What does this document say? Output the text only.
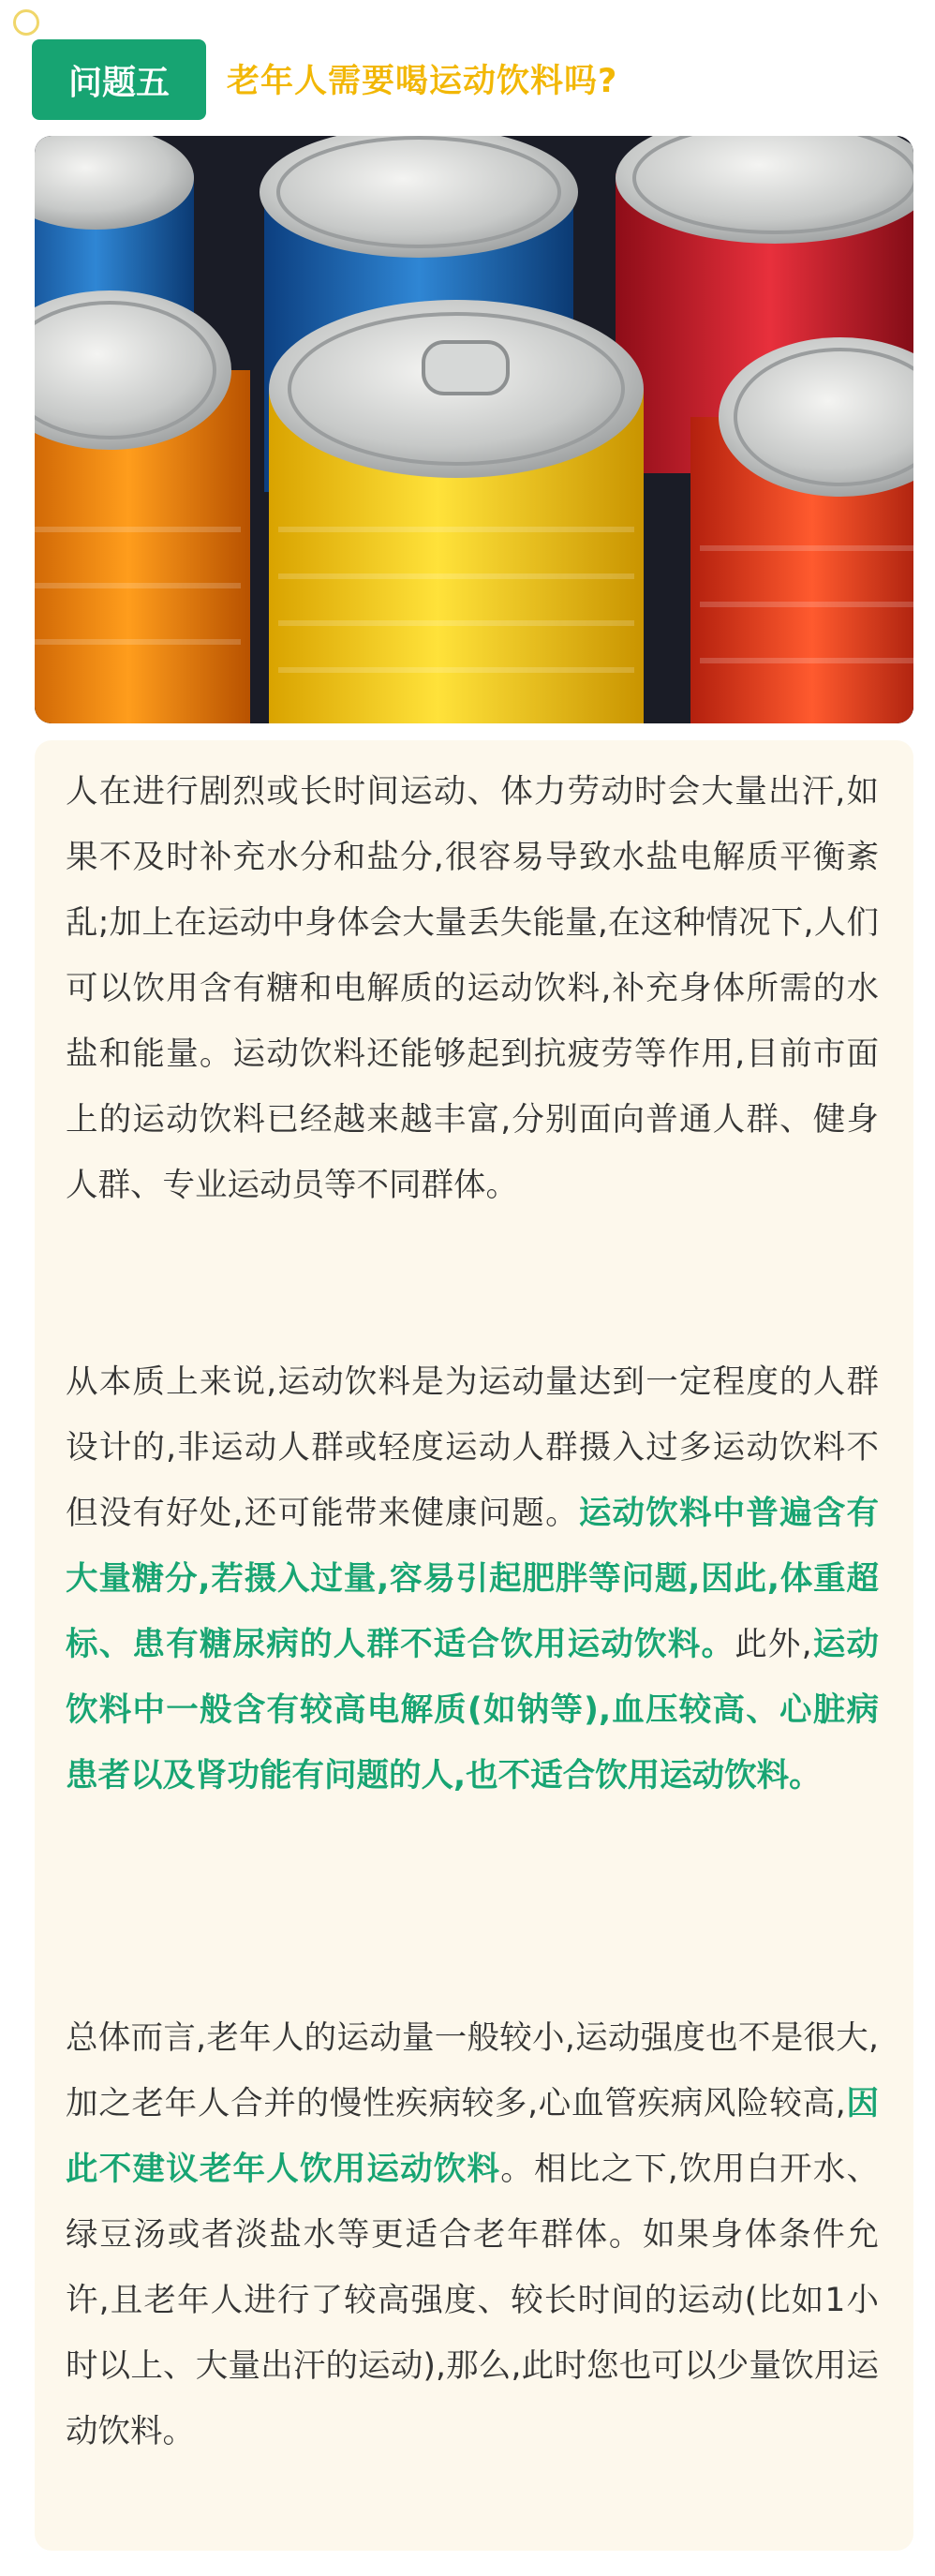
问题五	老年人需要喝运动饮料吗?
人在进行剧烈或长时间运动、体力劳动时会大量出汗,如果不及时补充水分和盐分,很容易导致水盐电解质平衡紊乱;加上在运动中身体会大量丢失能量,在这种情况下,人们可以饮用含有糖和电解质的运动饮料,补充身体所需的水盐和能量。运动饮料还能够起到抗疲劳等作用,目前市面上的运动饮料已经越来越丰富,分别面向普通人群、健身人群、专业运动员等不同群体。
从本质上来说,运动饮料是为运动量达到一定程度的人群设计的,非运动人群或轻度运动人群摄入过多运动饮料不但没有好处,还可能带来健康问题。运动饮料中普遍含有大量糖分,若摄入过量,容易引起肥胖等问题,因此,体重超标、患有糖尿病的人群不适合饮用运动饮料。此外,运动饮料中一般含有较高电解质(如钠等),血压较高、心脏病患者以及肾功能有问题的人,也不适合饮用运动饮料。
总体而言,老年人的运动量一般较小,运动强度也不是很大,加之老年人合并的慢性疾病较多,心血管疾病风险较高,因此不建议老年人饮用运动饮料。相比之下,饮用白开水、绿豆汤或者淡盐水等更适合老年群体。如果身体条件允许,且老年人进行了较高强度、较长时间的运动(比如1小时以上、大量出汗的运动),那么,此时您也可以少量饮用运动饮料。
